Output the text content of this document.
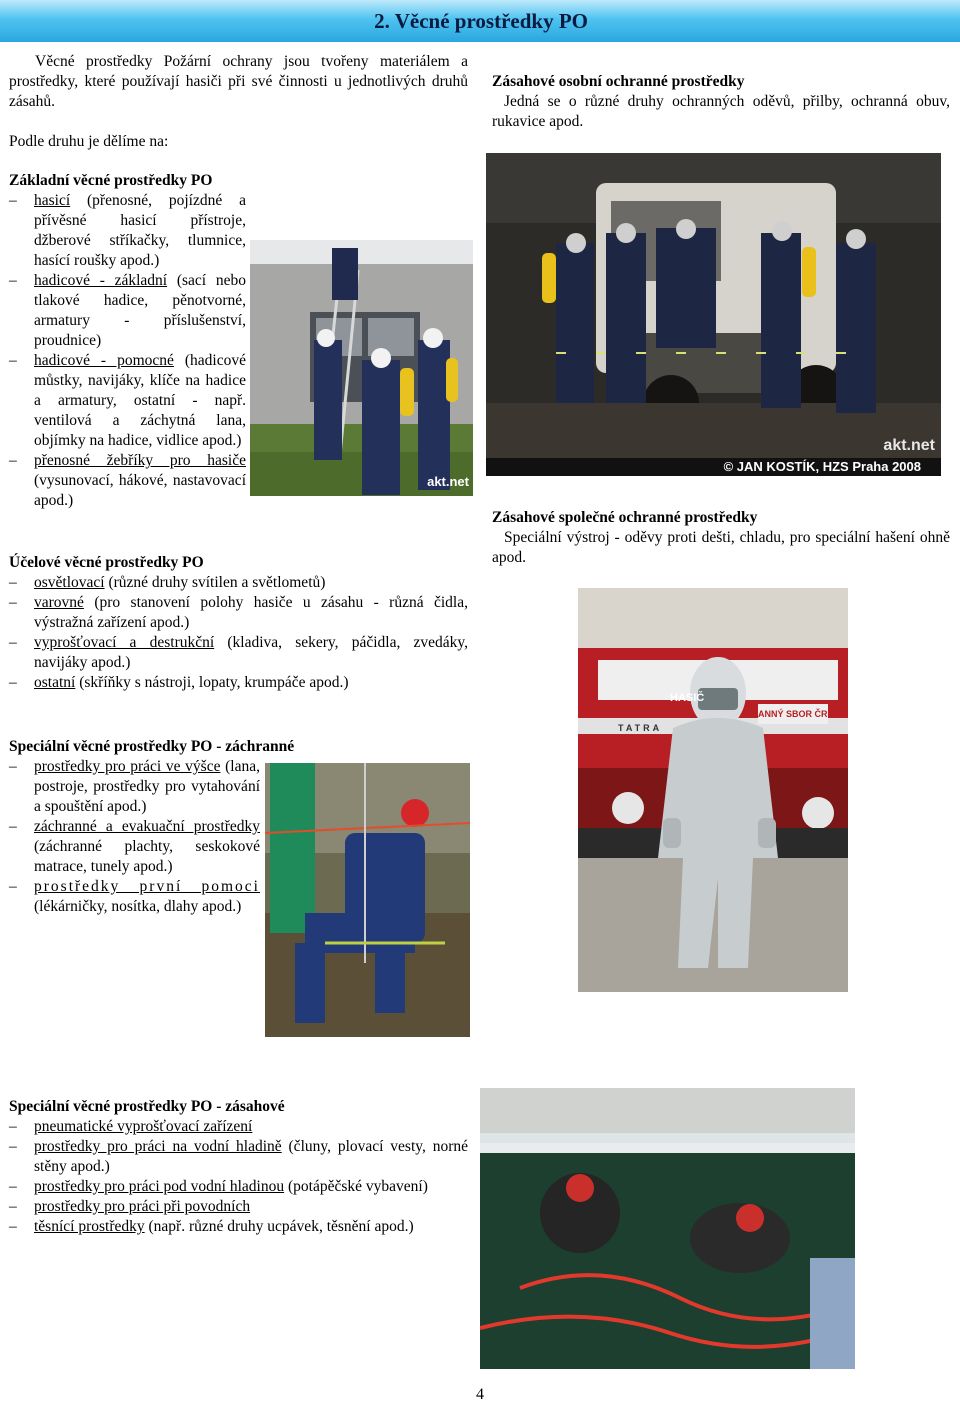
2. Věcné prostředky PO
Věcné prostředky Požární ochrany jsou tvořeny materiálem a prostředky, které používají hasiči při své činnosti u jednotlivých druhů zásahů.
Podle druhu je dělíme na:
Základní věcné prostředky PO
– hasicí (přenosné, pojízdné a přívěsné hasicí přístroje, džberové stříkačky, tlumnice, hasící roušky apod.)
– hadicové - základní (sací nebo tlakové hadice, pěnotvorné, armatury - příslušenství, proudnice)
– hadicové - pomocné (hadicové můstky, navijáky, klíče na hadice a armatury, ostatní - např. ventilová a záchytná lana, objímky na hadice, vidlice apod.)
– přenosné žebříky pro hasiče (vysunovací, hákové, nastavovací apod.)
Účelové věcné prostředky PO
– osvětlovací (různé druhy svítilen a světlometů)
– varovné (pro stanovení polohy hasiče u zásahu - různá čidla, výstražná zařízení apod.)
– vyprošťovací a destrukční (kladiva, sekery, páčidla, zvedáky, navijáky apod.)
– ostatní (skříňky s nástroji, lopaty, krumpáče apod.)
Zásahové osobní ochranné prostředky
Jedná se o různé druhy ochranných oděvů, přilby, ochranná obuv, rukavice apod.
Zásahové společné ochranné prostředky
Speciální výstroj - oděvy proti dešti, chladu, pro speciální hašení ohně apod.
Speciální věcné prostředky PO - záchranné
– prostředky pro práci ve výšce (lana, postroje, prostředky pro vytahování a spouštění apod.)
– záchranné a evakuační prostředky (záchranné plachty, seskokové matrace, tunely apod.)
– prostředky první pomoci (lékárničky, nosítka, dlahy apod.)
Speciální věcné prostředky PO - zásahové
– pneumatické vyprošťovací zařízení
– prostředky pro práci na vodní hladině (čluny, plovací vesty, norné stěny apod.)
– prostředky pro práci pod vodní hladinou (potápěčské vybavení)
– prostředky pro práci při povodních
– těsnící prostředky (např. různé druhy ucpávek, těsnění apod.)
akt.net
akt.net
© JAN KOSTÍK, HZS Praha 2008
HASIČ
ANNÝ SBOR ČR
TATRA
4
